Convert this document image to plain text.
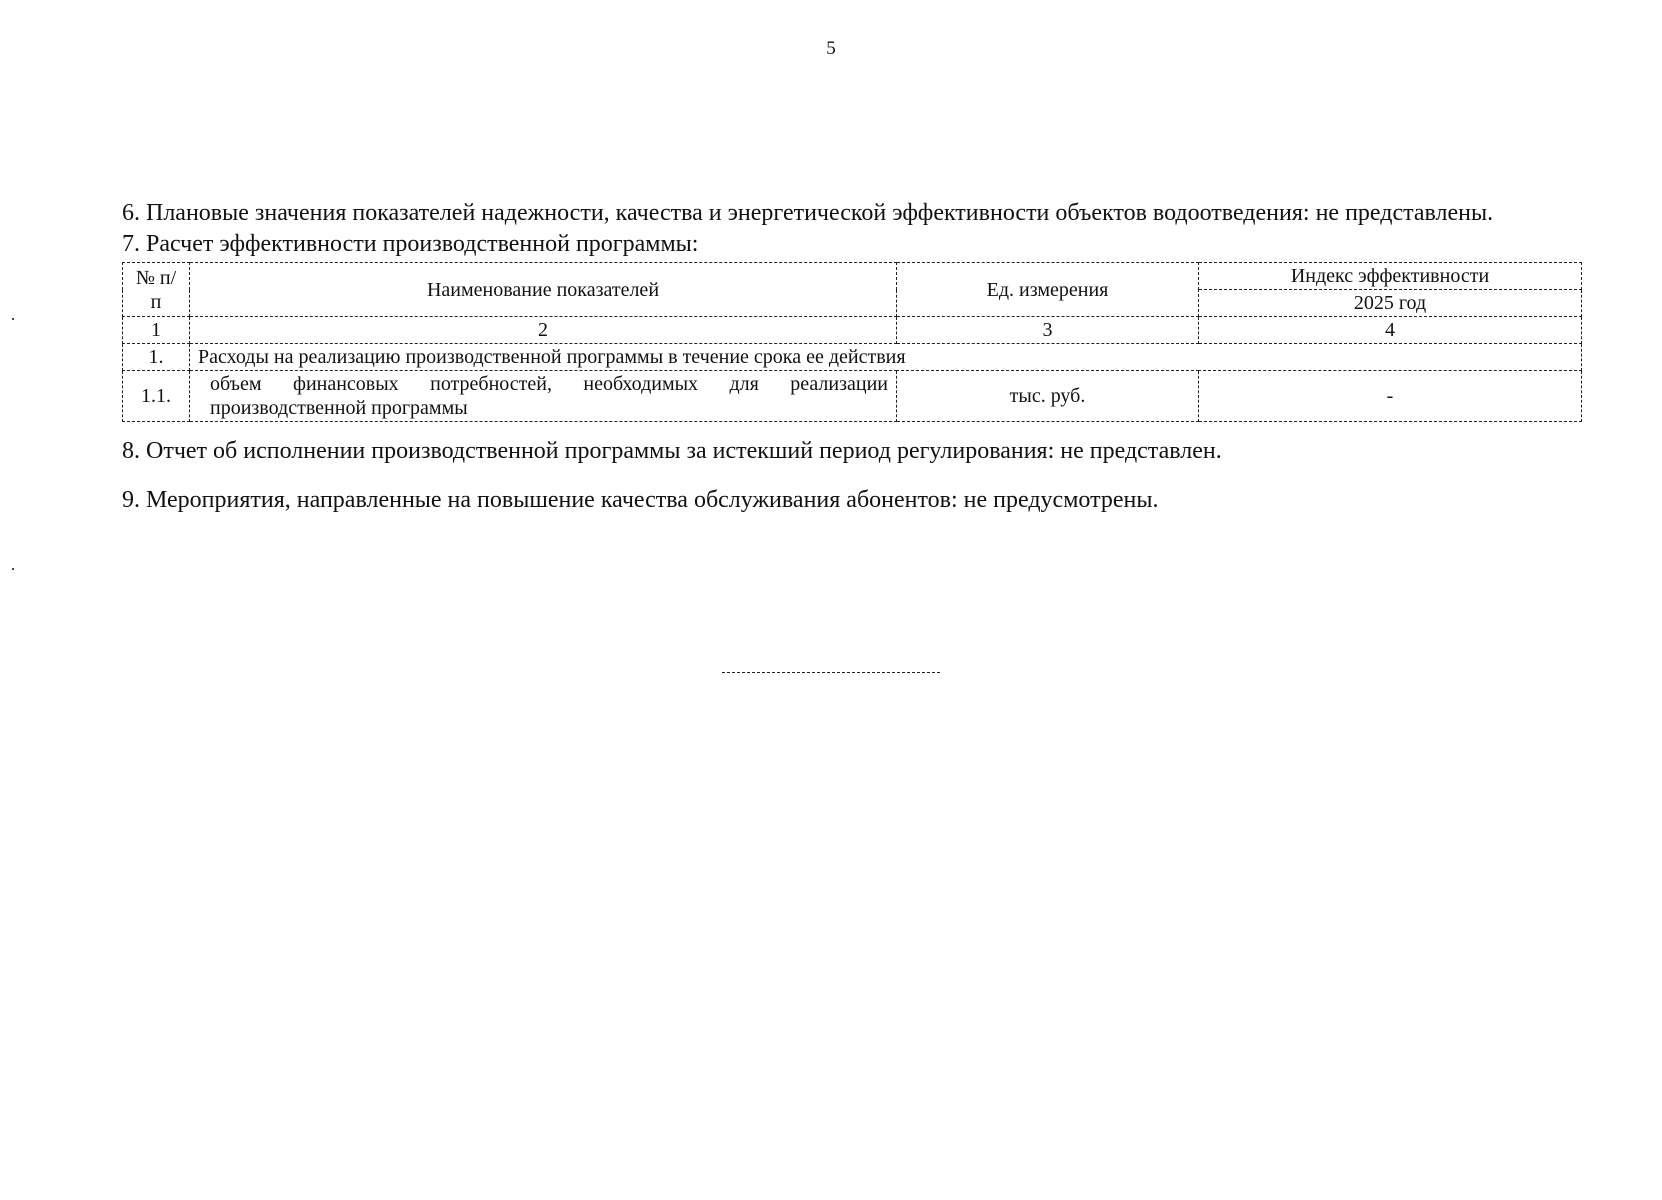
5

6. Плановые значения показателей надежности, качества и энергетической эффективности объектов водоотведения: не представлены.

7. Расчет эффективности производственной программы:

№ п/п	Наименование показателей	Ед. измерения	Индекс эффективности
			2025 год
1	2	3	4
1.	Расходы на реализацию производственной программы в течение срока ее действия		
1.1.	объем финансовых потребностей, необходимых для реализации производственной программы	тыс. руб.	-

8. Отчет об исполнении производственной программы за истекший период регулирования: не представлен.

9. Мероприятия, направленные на повышение качества обслуживания абонентов: не предусмотрены.
